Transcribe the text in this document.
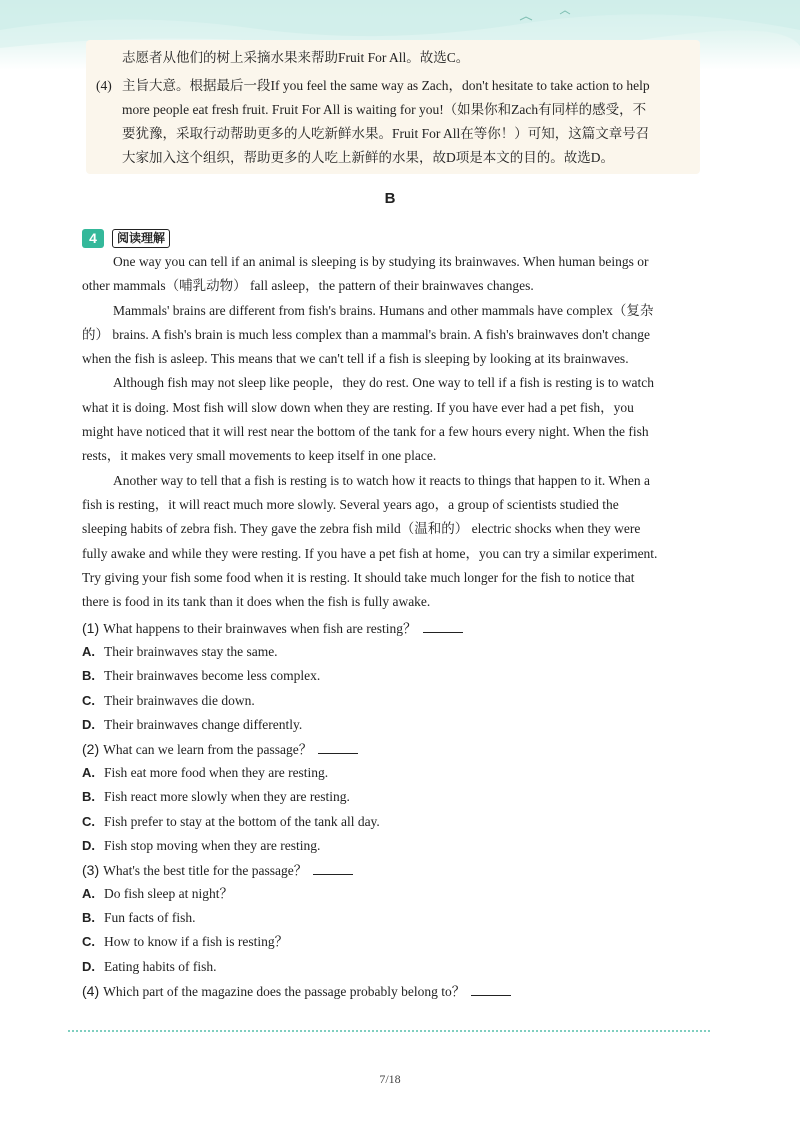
志愿者从他们的树上采摘水果来帮助Fruit For All。故选C。
(4) 主旨大意。根据最后一段If you feel the same way as Zach，don't hesitate to take action to help
more people eat fresh fruit. Fruit For All is waiting for you!（如果你和Zach有同样的感受，不
要犹豫，采取行动帮助更多的人吃新鲜水果。Fruit For All在等你！）可知，这篇文章号召
大家加入这个组织，帮助更多的人吃上新鲜的水果，故D项是本文的目的。故选D。
B
4	阅读理解
One way you can tell if an animal is sleeping is by studying its brainwaves. When human beings or
other mammals（哺乳动物） fall asleep，the pattern of their brainwaves changes.
Mammals' brains are different from fish's brains. Humans and other mammals have complex（复杂
的） brains. A fish's brain is much less complex than a mammal's brain. A fish's brainwaves don't change
when the fish is asleep. This means that we can't tell if a fish is sleeping by looking at its brainwaves.
Although fish may not sleep like people，they do rest. One way to tell if a fish is resting is to watch
what it is doing. Most fish will slow down when they are resting. If you have ever had a pet fish，you
might have noticed that it will rest near the bottom of the tank for a few hours every night. When the fish
rests，it makes very small movements to keep itself in one place.
Another way to tell that a fish is resting is to watch how it reacts to things that happen to it. When a
fish is resting，it will react much more slowly. Several years ago，a group of scientists studied the
sleeping habits of zebra fish. They gave the zebra fish mild（温和的） electric shocks when they were
fully awake and while they were resting. If you have a pet fish at home，you can try a similar experiment.
Try giving your fish some food when it is resting. It should take much longer for the fish to notice that
there is food in its tank than it does when the fish is fully awake.
(1) What happens to their brainwaves when fish are resting？
A. Their brainwaves stay the same.
B. Their brainwaves become less complex.
C. Their brainwaves die down.
D. Their brainwaves change differently.
(2) What can we learn from the passage？
A. Fish eat more food when they are resting.
B. Fish react more slowly when they are resting.
C. Fish prefer to stay at the bottom of the tank all day.
D. Fish stop moving when they are resting.
(3) What's the best title for the passage？
A. Do fish sleep at night？
B. Fun facts of fish.
C. How to know if a fish is resting？
D. Eating habits of fish.
(4) Which part of the magazine does the passage probably belong to？
7/18
